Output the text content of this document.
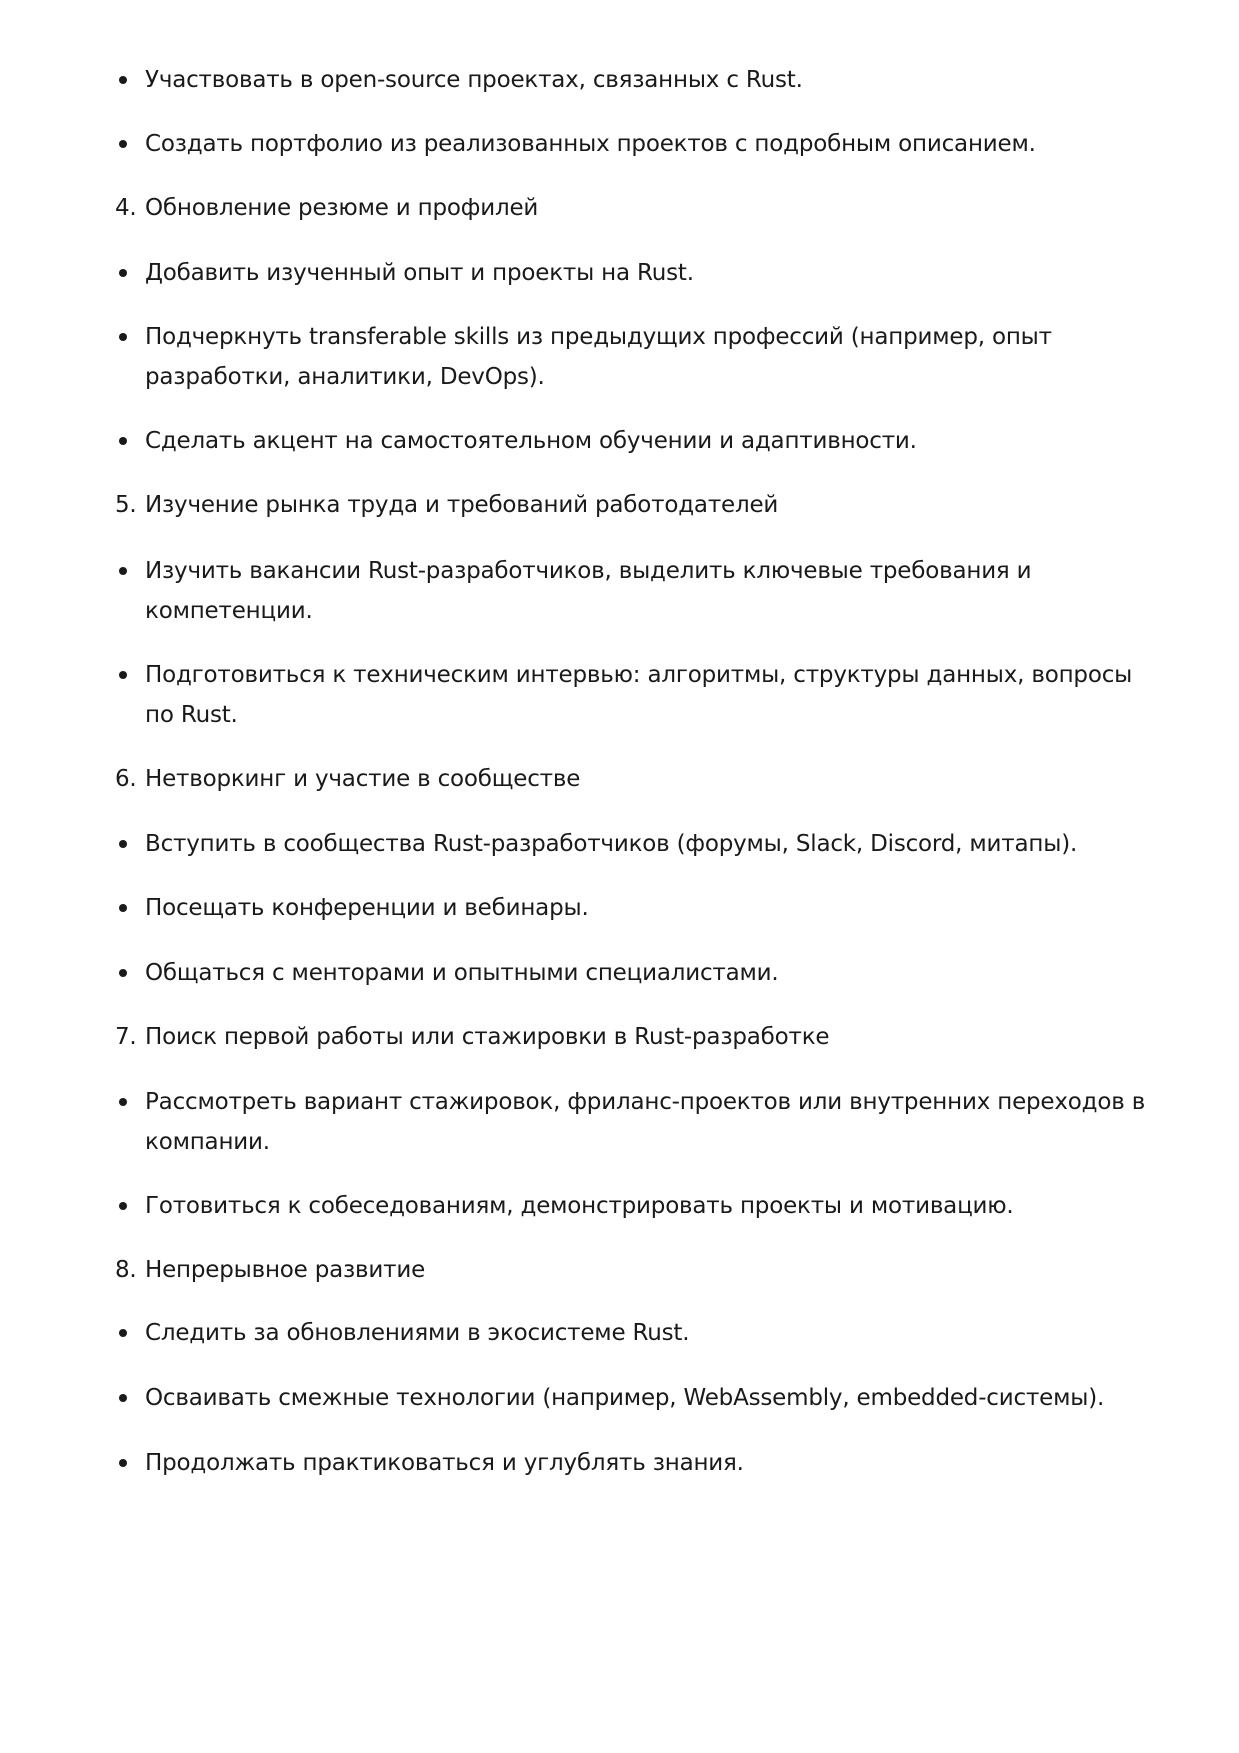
Участвовать в open-source проектах, связанных с Rust.
Создать портфолио из реализованных проектов с подробным описанием.
4. Обновление резюме и профилей
Добавить изученный опыт и проекты на Rust.
Подчеркнуть transferable skills из предыдущих профессий (например, опыт разработки, аналитики, DevOps).
Сделать акцент на самостоятельном обучении и адаптивности.
5. Изучение рынка труда и требований работодателей
Изучить вакансии Rust-разработчиков, выделить ключевые требования и компетенции.
Подготовиться к техническим интервью: алгоритмы, структуры данных, вопросы по Rust.
6. Нетворкинг и участие в сообществе
Вступить в сообщества Rust-разработчиков (форумы, Slack, Discord, митапы).
Посещать конференции и вебинары.
Общаться с менторами и опытными специалистами.
7. Поиск первой работы или стажировки в Rust-разработке
Рассмотреть вариант стажировок, фриланс-проектов или внутренних переходов в компании.
Готовиться к собеседованиям, демонстрировать проекты и мотивацию.
8. Непрерывное развитие
Следить за обновлениями в экосистеме Rust.
Осваивать смежные технологии (например, WebAssembly, embedded-системы).
Продолжать практиковаться и углублять знания.
